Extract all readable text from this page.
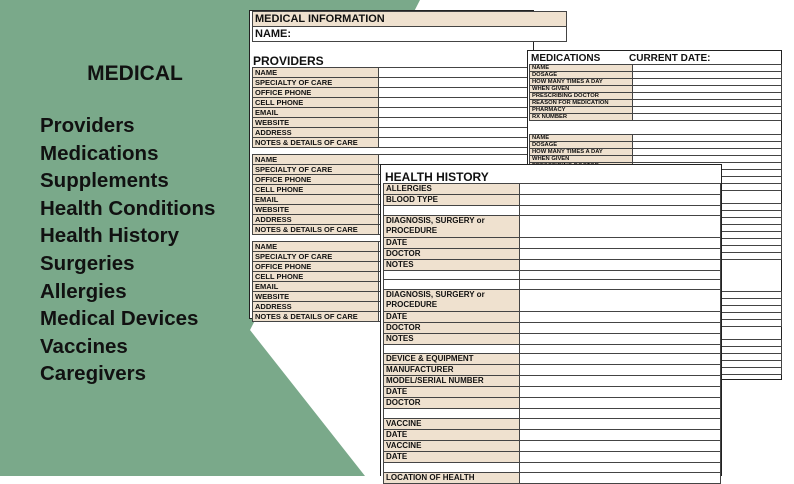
MEDICAL
Providers
Medications
Supplements
Health Conditions
Health History
Surgeries
Allergies
Medical Devices
Vaccines
Caregivers
MEDICAL INFORMATION
NAME:
PROVIDERS
NAME	
SPECIALTY OF CARE	
OFFICE PHONE	
CELL PHONE	
EMAIL	
WEBSITE	
ADDRESS	
NOTES & DETAILS OF CARE	
NAME	
SPECIALTY OF CARE	
OFFICE PHONE	
CELL PHONE	
EMAIL	
WEBSITE	
ADDRESS	
NOTES & DETAILS OF CARE	
NAME	
SPECIALTY OF CARE	
OFFICE PHONE	
CELL PHONE	
EMAIL	
WEBSITE	
ADDRESS	
NOTES & DETAILS OF CARE	
MEDICATIONS	CURRENT DATE:
NAME	
DOSAGE	
HOW MANY TIMES A DAY	
WHEN GIVEN	
PRESCRIBING DOCTOR	
REASON FOR MEDICATION	
PHARMACY	
RX NUMBER	
NAME	
DOSAGE	
HOW MANY TIMES A DAY	
WHEN GIVEN	

HEALTH HISTORY
ALLERGIES	
BLOOD TYPE	

DIAGNOSIS, SURGERY or PROCEDURE	
DATE	
DOCTOR	
NOTES	

DIAGNOSIS, SURGERY or PROCEDURE	
DATE	
DOCTOR	
NOTES	

DEVICE & EQUIPMENT	
MANUFACTURER	
MODEL/SERIAL NUMBER	
DATE	
DOCTOR	

VACCINE	
DATE	
VACCINE	
DATE	

LOCATION OF HEALTH	
